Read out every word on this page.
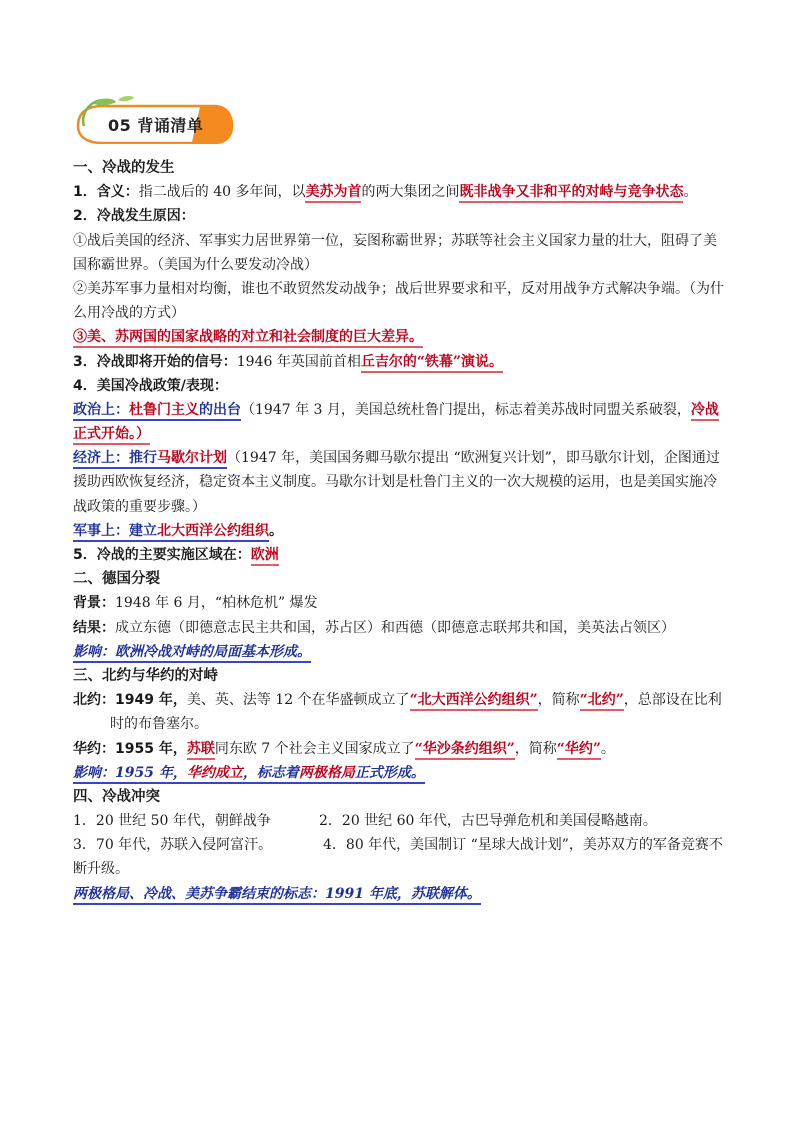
05 背诵清单
一、冷战的发生
1．含义：指二战后的 40 多年间，以美苏为首的两大集团之间既非战争又非和平的对峙与竞争状态。
2．冷战发生原因：
①战后美国的经济、军事实力居世界第一位，妄图称霸世界；苏联等社会主义国家力量的壮大，阻碍了美
国称霸世界。（美国为什么要发动冷战）
②美苏军事力量相对均衡，谁也不敢贸然发动战争；战后世界要求和平，反对用战争方式解决争端。（为什
么用冷战的方式）
③美、苏两国的国家战略的对立和社会制度的巨大差异。
3．冷战即将开始的信号：1946 年英国前首相丘吉尔的“铁幕”演说。
4．美国冷战政策/表现：
政治上：杜鲁门主义的出台（1947 年 3 月，美国总统杜鲁门提出，标志着美苏战时同盟关系破裂，冷战
正式开始。）
经济上：推行马歇尔计划（1947 年，美国国务卿马歇尔提出 “欧洲复兴计划”，即马歇尔计划，企图通过
援助西欧恢复经济，稳定资本主义制度。马歇尔计划是杜鲁门主义的一次大规模的运用，也是美国实施冷
战政策的重要步骤。）
军事上：建立北大西洋公约组织。
5．冷战的主要实施区域在：欧洲
二、德国分裂
背景：1948 年 6 月，“柏林危机” 爆发
结果：成立东德（即德意志民主共和国，苏占区）和西德（即德意志联邦共和国，美英法占领区）
影响：欧洲冷战对峙的局面基本形成。
三、北约与华约的对峙
北约：1949 年，美、英、法等 12 个在华盛顿成立了“北大西洋公约组织”，简称“北约”，总部设在比利
时的布鲁塞尔。
华约：1955 年，苏联同东欧 7 个社会主义国家成立了“华沙条约组织”，简称“华约”。
影响：1955 年，华约成立，标志着两极格局正式形成。
四、冷战冲突
1．20 世纪 50 年代，朝鲜战争	2．20 世纪 60 年代，古巴导弹危机和美国侵略越南。
3．70 年代，苏联入侵阿富汗。	4．80 年代，美国制订 “星球大战计划”，美苏双方的军备竞赛不
断升级。
两极格局、冷战、美苏争霸结束的标志：1991 年底，苏联解体。
